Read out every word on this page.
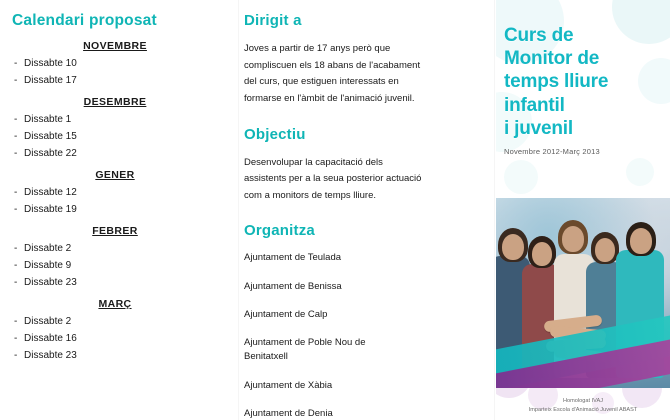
Calendari proposat
NOVEMBRE
- Dissabte 10
- Dissabte 17
DESEMBRE
- Dissabte 1
- Dissabte 15
- Dissabte 22
GENER
- Dissabte 12
- Dissabte 19
FEBRER
- Dissabte 2
- Dissabte 9
- Dissabte 23
MARÇ
- Dissabte 2
- Dissabte 16
- Dissabte 23
Dirigit a

Joves a partir de 17 anys però que compliscuen els 18 abans de l'acabament del curs, que estiguen interessats en formarse en l'àmbit de l'animació juvenil.

Objectiu

Desenvolupar la capacitació dels assistents per a la seua posterior actuació com a monitors de temps lliure.

Organitza
Ajuntament de Teulada
Ajuntament de Benissa
Ajuntament de Calp
Ajuntament de Poble Nou de Benitatxell
Ajuntament de Xàbia
Ajuntament de Denia
Curs de
Monitor de
temps lliure
infantil
i juvenil
Novembre 2012-Març 2013
Homologat IVAJ
Imparteix Escola d'Animació Juvenil ABAST
